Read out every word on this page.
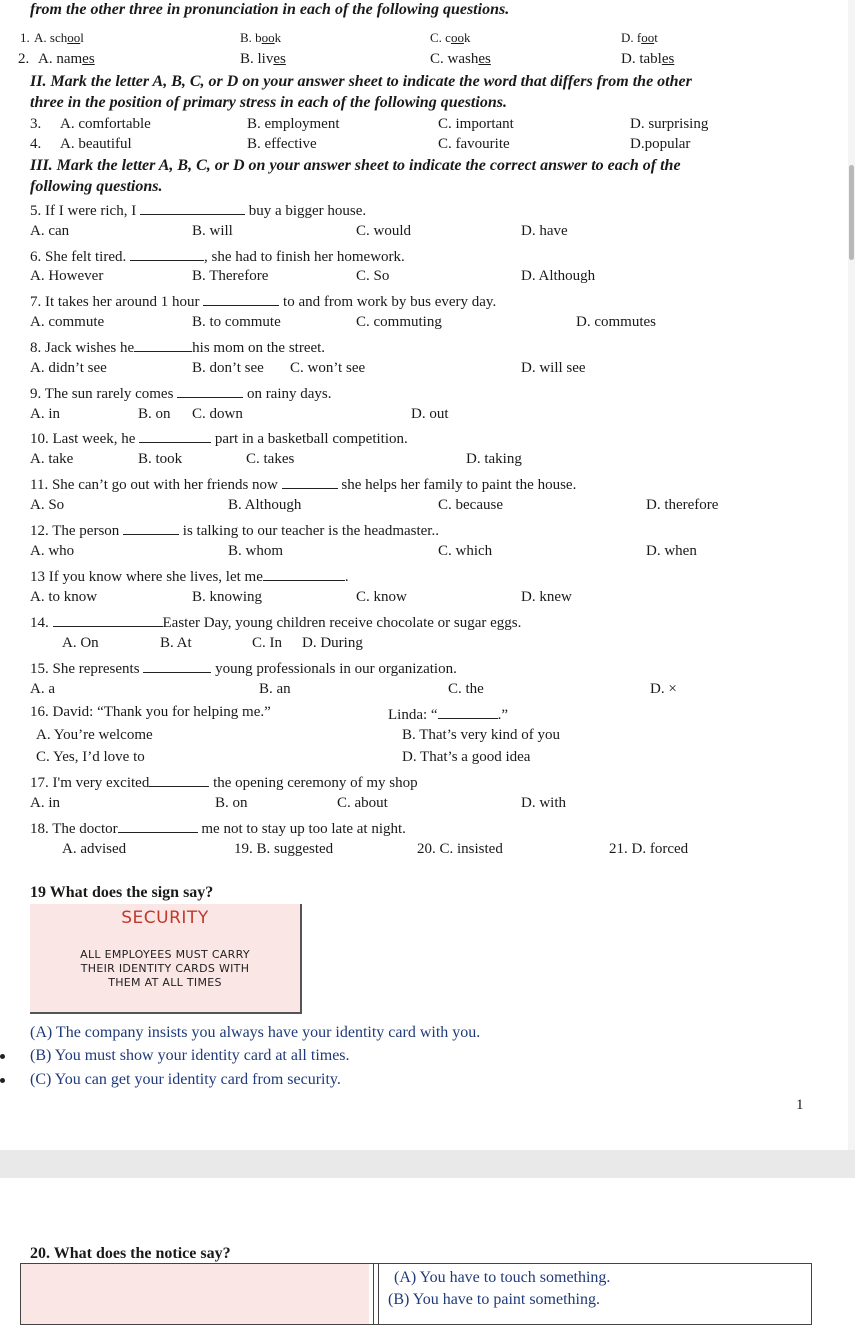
from the other three in pronunciation in each of the following questions.
1. A. school	B. book	C. cook	D. foot
2. A. names	B. lives	C. washes	D. tables
II. Mark the letter A, B, C, or D on your answer sheet to indicate the word that differs from the other
three in the position of primary stress in each of the following questions.
3. A. comfortable	B. employment	C. important	D. surprising
4. A. beautiful	B. effective	C. favourite	D.popular
III. Mark the letter A, B, C, or D on your answer sheet to indicate the correct answer to each of the
following questions.
5. If I were rich, I	buy a bigger house.
A. can	B. will	C. would	D. have
6. She felt tired.	, she had to finish her homework.
A. However	B. Therefore	C. So	D. Although
7. It takes her around 1 hour	to and from work by bus every day.
A. commute	B. to commute	C. commuting	D. commutes
8. Jack wishes he	his mom on the street.
A. didn’t see	B. don’t see C. won’t see	D. will see
9. The sun rarely comes	on rainy days.
A. in	B. on C. down	D. out
10. Last week, he	part in a basketball competition.
A. take	B. took	C. takes	D. taking
11. She can’t go out with her friends now	she helps her family to paint the house.
A. So	B. Although	C. because	D. therefore
12. The person	is talking to our teacher is the headmaster..
A. who	B. whom	C. which	D. when
13 If you know where she lives, let me	.
A. to know	B. knowing	C. know	D. knew
14.	Easter Day, young children receive chocolate or sugar eggs.
A. On	B. At	C. In D. During
15. She represents	young professionals in our organization.
A. a	B. an	C. the	D. ×
16. David: “Thank you for helping me.”	Linda: “	.”
A. You’re welcome	B. That’s very kind of you
C. Yes, I’d love to	D. That’s a good idea
17. I'm very excited	the opening ceremony of my shop
A. in	B. on	C. about	D. with
18. The doctor	me not to stay up too late at night.
A. advised	19. B. suggested	20. C. insisted	21. D. forced
19 What does the sign say?
SECURITY
ALL EMPLOYEES MUST CARRY
THEIR IDENTITY CARDS WITH
THEM AT ALL TIMES
(A) The company insists you always have your identity card with you.
(B) You must show your identity card at all times.
(C) You can get your identity card from security.
1
20. What does the notice say?
(A) You have to touch something.
(B) You have to paint something.
